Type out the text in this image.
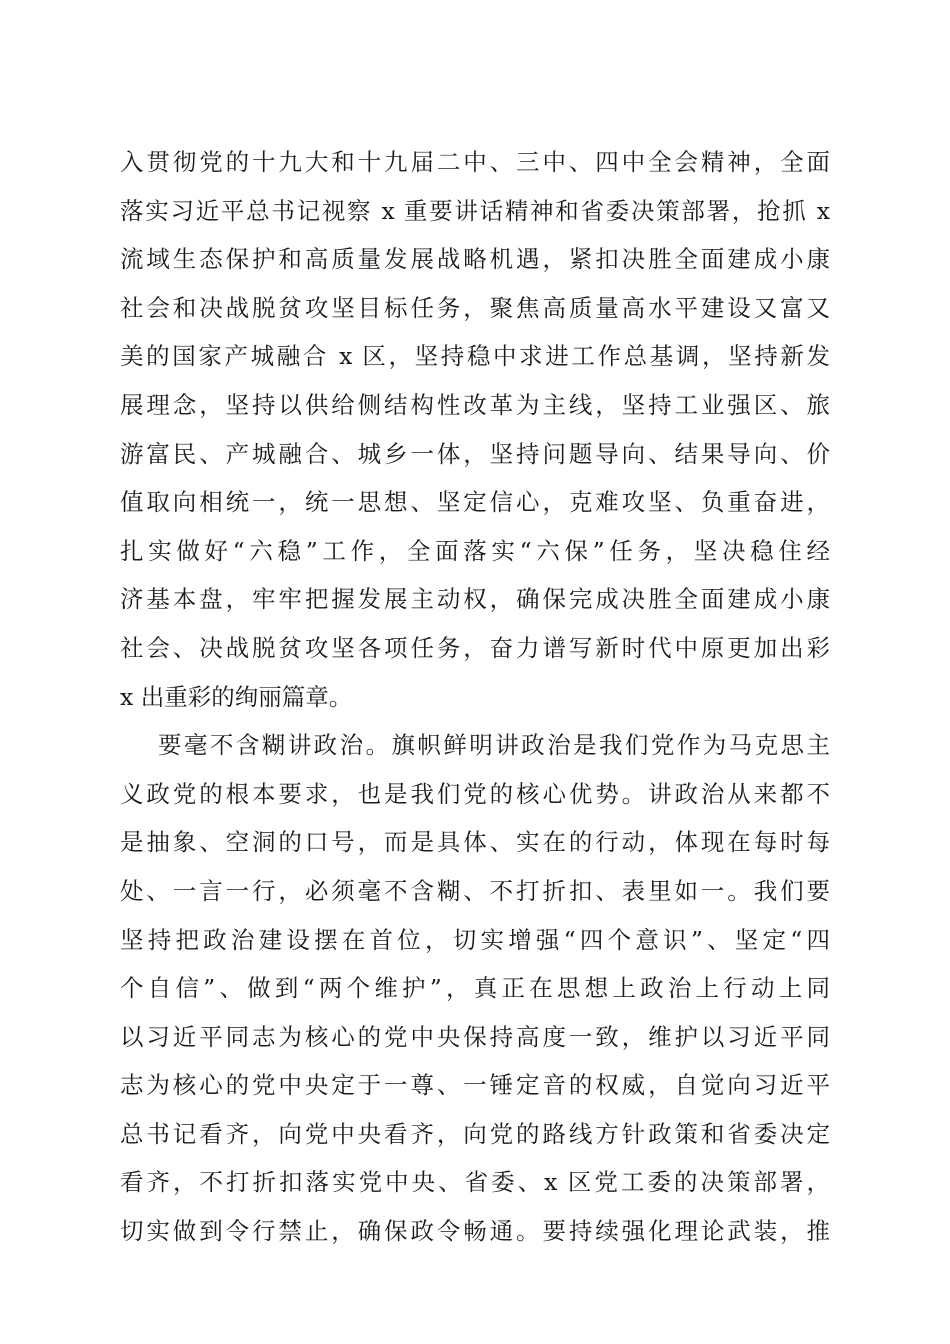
入贯彻党的十九大和十九届二中、三中、四中全会精神，全面
落实习近平总书记视察 x 重要讲话精神和省委决策部署，抢抓 x
流域生态保护和高质量发展战略机遇，紧扣决胜全面建成小康
社会和决战脱贫攻坚目标任务，聚焦高质量高水平建设又富又
美的国家产城融合 x 区，坚持稳中求进工作总基调，坚持新发
展理念，坚持以供给侧结构性改革为主线，坚持工业强区、旅
游富民、产城融合、城乡一体，坚持问题导向、结果导向、价
值取向相统一，统一思想、坚定信心，克难攻坚、负重奋进，
扎实做好“六稳”工作，全面落实“六保”任务，坚决稳住经
济基本盘，牢牢把握发展主动权，确保完成决胜全面建成小康
社会、决战脱贫攻坚各项任务，奋力谱写新时代中原更加出彩
x 出重彩的绚丽篇章。
要毫不含糊讲政治。旗帜鲜明讲政治是我们党作为马克思主
义政党的根本要求，也是我们党的核心优势。讲政治从来都不
是抽象、空洞的口号，而是具体、实在的行动，体现在每时每
处、一言一行，必须毫不含糊、不打折扣、表里如一。我们要
坚持把政治建设摆在首位，切实增强“四个意识”、坚定“四
个自信”、做到“两个维护”，真正在思想上政治上行动上同
以习近平同志为核心的党中央保持高度一致，维护以习近平同
志为核心的党中央定于一尊、一锤定音的权威，自觉向习近平
总书记看齐，向党中央看齐，向党的路线方针政策和省委决定
看齐，不打折扣落实党中央、省委、x 区党工委的决策部署，
切实做到令行禁止，确保政令畅通。要持续强化理论武装，推
